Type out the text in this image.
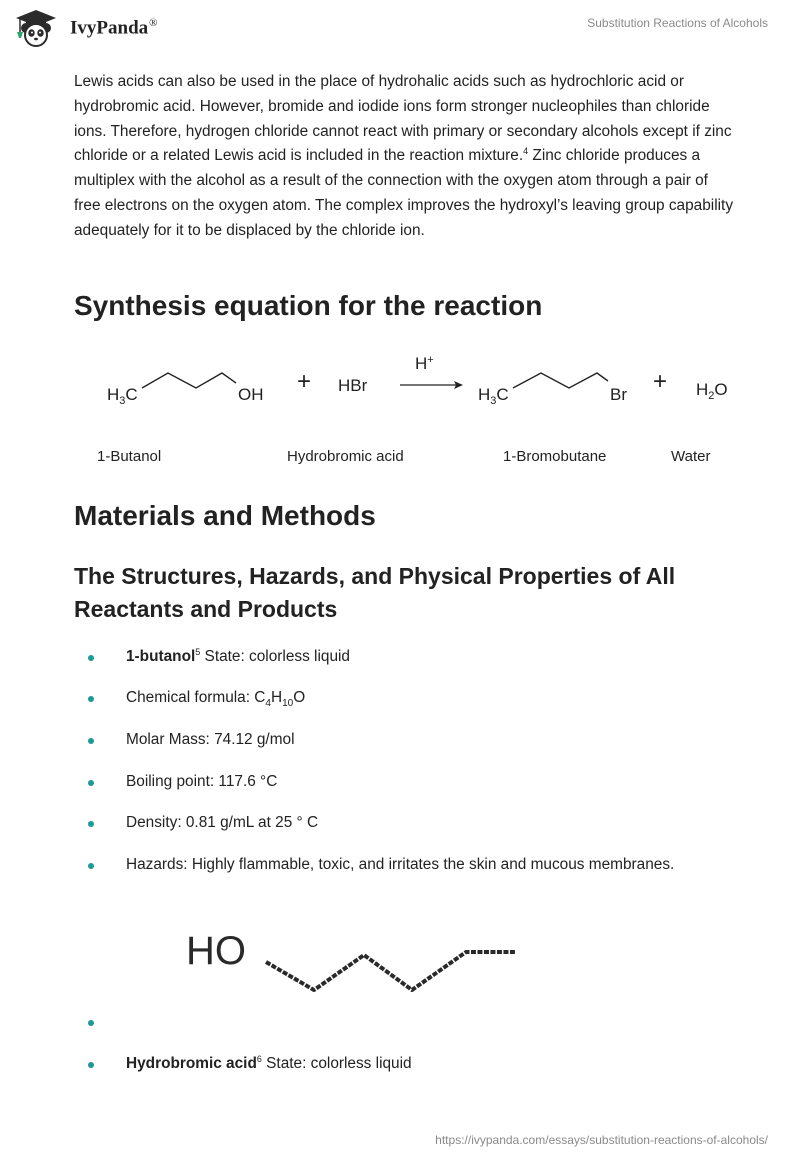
IvyPanda®	Substitution Reactions of Alcohols

Lewis acids can also be used in the place of hydrohalic acids such as hydrochloric acid or hydrobromic acid. However, bromide and iodide ions form stronger nucleophiles than chloride ions. Therefore, hydrogen chloride cannot react with primary or secondary alcohols except if zinc chloride or a related Lewis acid is included in the reaction mixture.$^4$ Zinc chloride produces a multiplex with the alcohol as a result of the connection with the oxygen atom through a pair of free electrons on the oxygen atom. The complex improves the hydroxyl’s leaving group capability adequately for it to be displaced by the chloride ion.

Synthesis equation for the reaction
$H_3C$	OH + HBr
H+
$H_3C$	$Br + H_2O$
1-Butanol	Hydrobromic acid	1-Bromobutane	Water
Materials and Methods
The Structures, Hazards, and Physical Properties of All Reactants and Products
1-butanol$^5$ State: colorless liquid
Chemical formula: $C_4H_{10}O$
Molar Mass: 74.12 g/mol
Boiling point: 117.6 °C
Density: 0.81 g/mL at 25 ° C
Hazards: Highly flammable, toxic, and irritates the skin and mucous membranes.
Hydrobromic acid$^6$ State: colorless liquid
HO
https://ivypanda.com/essays/substitution-reactions-of-alcohols/
